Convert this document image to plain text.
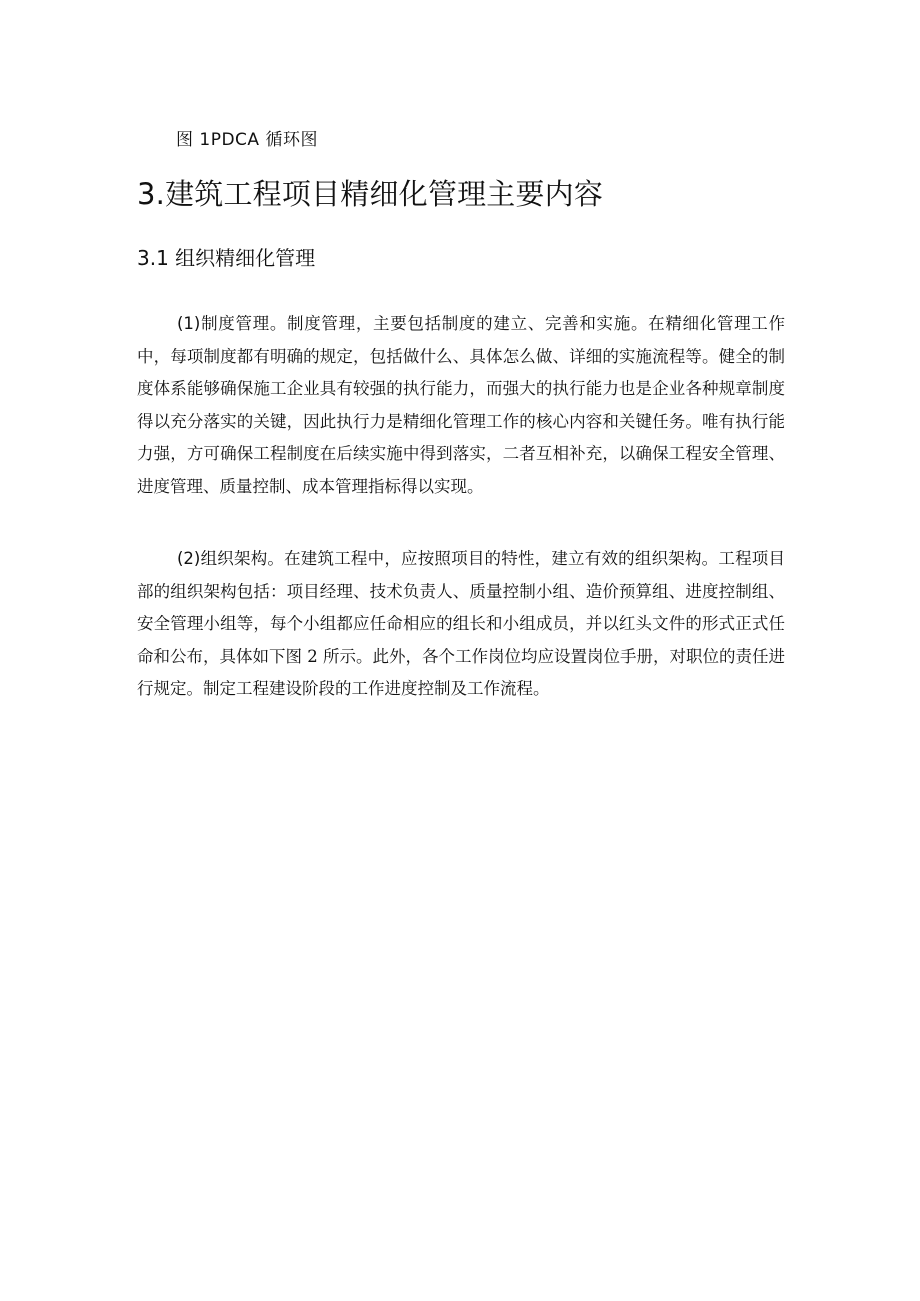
图 1PDCA 循环图
3.建筑工程项目精细化管理主要内容
3.1 组织精细化管理

(1)制度管理。制度管理，主要包括制度的建立、完善和实施。在精细化管理工作中，每项制度都有明确的规定，包括做什么、具体怎么做、详细的实施流程等。健全的制度体系能够确保施工企业具有较强的执行能力，而强大的执行能力也是企业各种规章制度得以充分落实的关键，因此执行力是精细化管理工作的核心内容和关键任务。唯有执行能力强，方可确保工程制度在后续实施中得到落实，二者互相补充，以确保工程安全管理、进度管理、质量控制、成本管理指标得以实现。

(2)组织架构。在建筑工程中，应按照项目的特性，建立有效的组织架构。工程项目部的组织架构包括：项目经理、技术负责人、质量控制小组、造价预算组、进度控制组、安全管理小组等，每个小组都应任命相应的组长和小组成员，并以红头文件的形式正式任命和公布，具体如下图 2 所示。此外，各个工作岗位均应设置岗位手册，对职位的责任进行规定。制定工程建设阶段的工作进度控制及工作流程。
